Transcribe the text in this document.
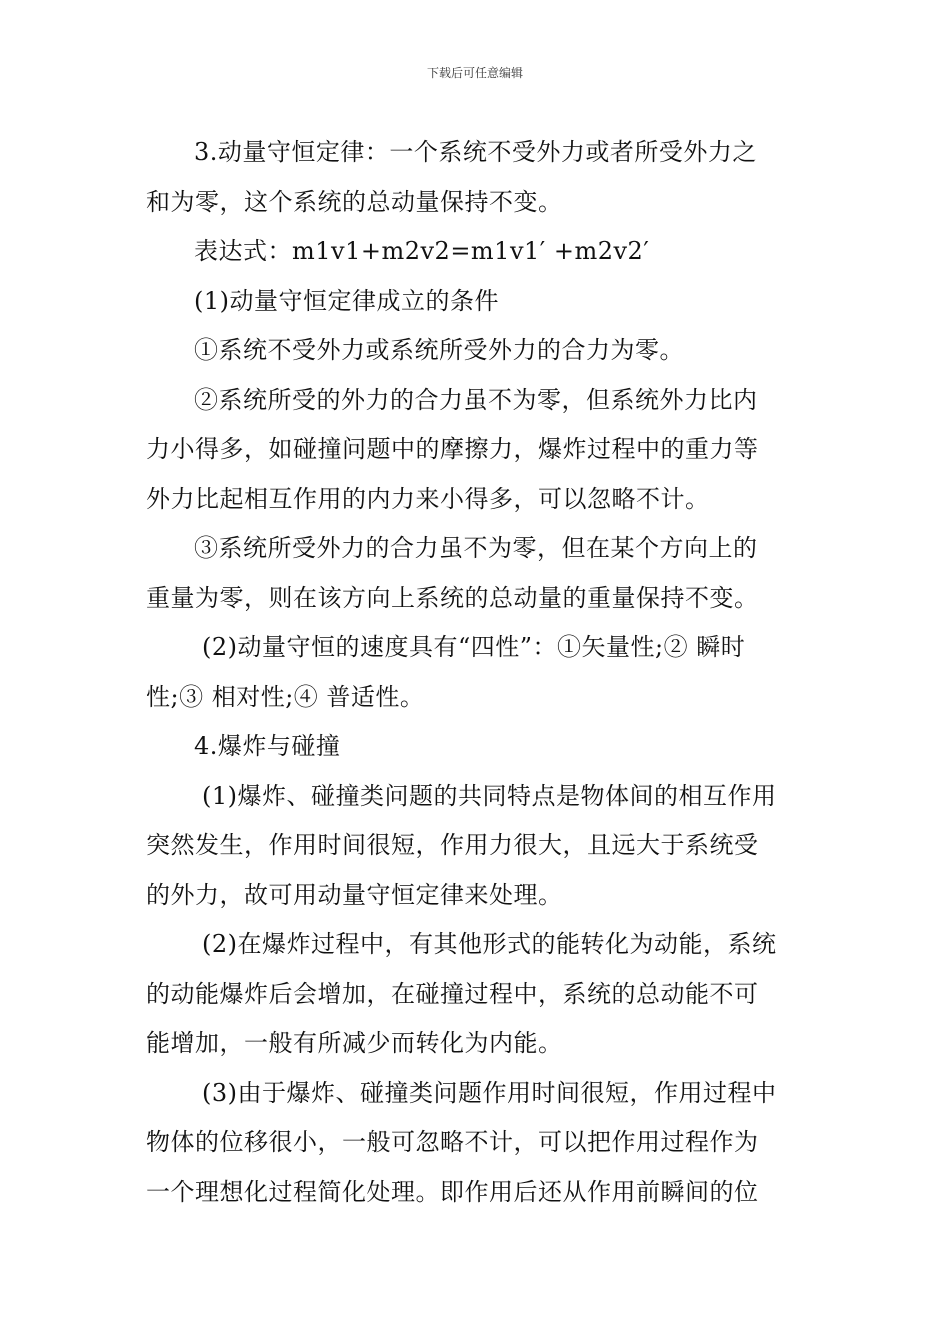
下载后可任意编辑

3.动量守恒定律：一个系统不受外力或者所受外力之

和为零，这个系统的总动量保持不变。

表达式：m1v1+m2v2=m1v1′ +m2v2′

(1)动量守恒定律成立的条件

①系统不受外力或系统所受外力的合力为零。

②系统所受的外力的合力虽不为零，但系统外力比内

力小得多，如碰撞问题中的摩擦力，爆炸过程中的重力等

外力比起相互作用的内力来小得多，可以忽略不计。

③系统所受外力的合力虽不为零，但在某个方向上的

重量为零，则在该方向上系统的总动量的重量保持不变。

(2)动量守恒的速度具有“四性”：①矢量性;② 瞬时

性;③ 相对性;④ 普适性。

4.爆炸与碰撞

(1)爆炸、碰撞类问题的共同特点是物体间的相互作用

突然发生，作用时间很短，作用力很大，且远大于系统受

的外力，故可用动量守恒定律来处理。

(2)在爆炸过程中，有其他形式的能转化为动能，系统

的动能爆炸后会增加，在碰撞过程中，系统的总动能不可

能增加，一般有所减少而转化为内能。

(3)由于爆炸、碰撞类问题作用时间很短，作用过程中

物体的位移很小，一般可忽略不计，可以把作用过程作为

一个理想化过程简化处理。即作用后还从作用前瞬间的位
